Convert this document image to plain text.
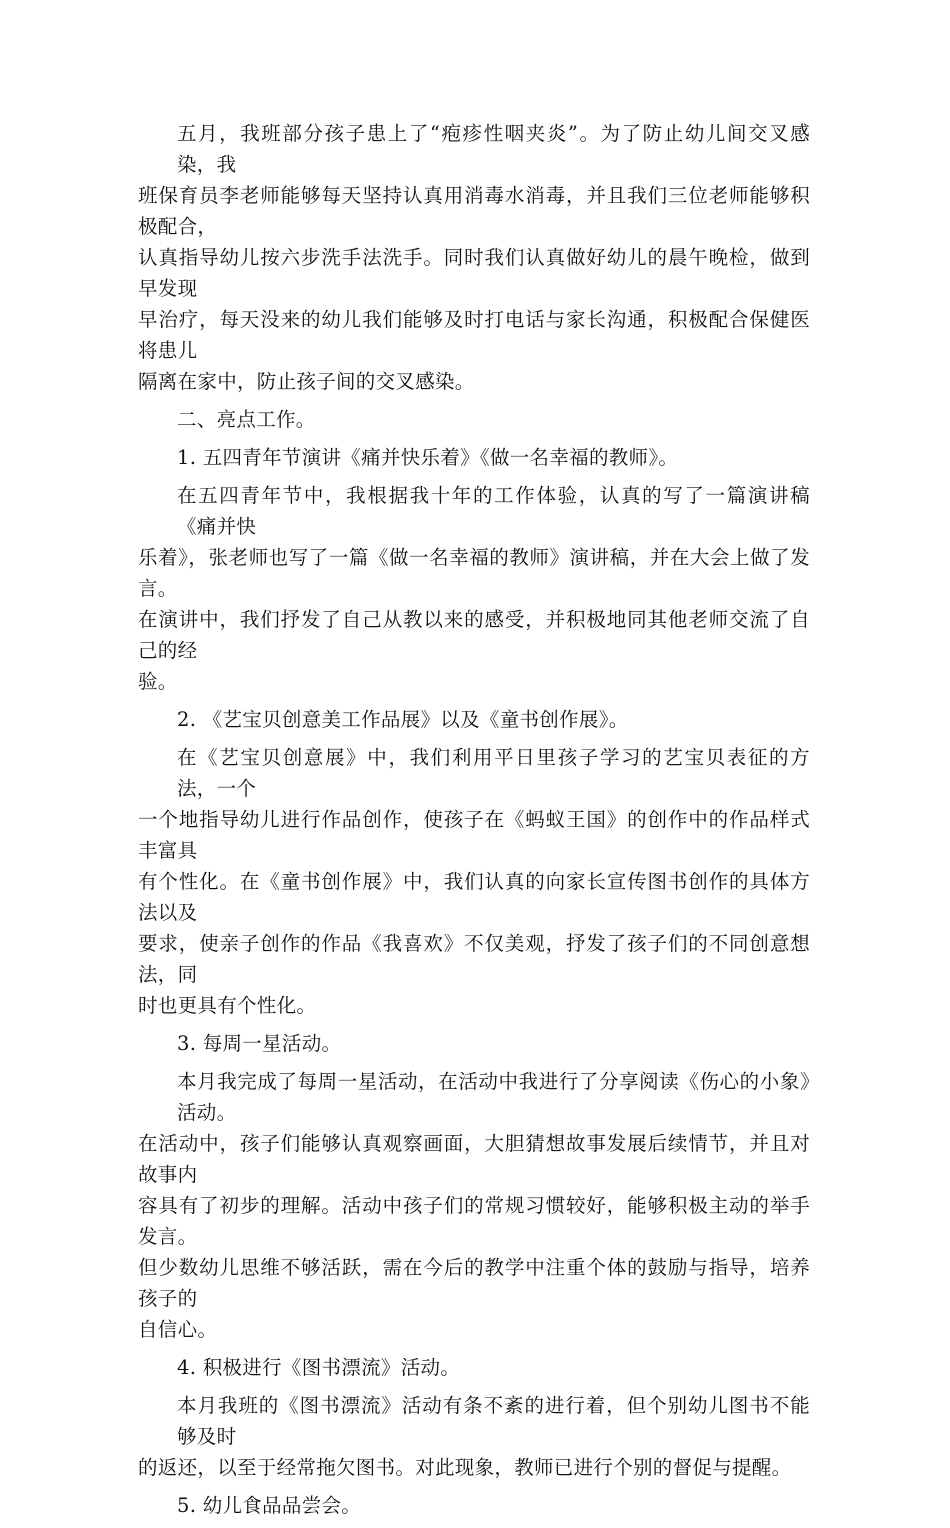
五月，我班部分孩子患上了“疱疹性咽夹炎”。为了防止幼儿间交叉感染，我
班保育员李老师能够每天坚持认真用消毒水消毒，并且我们三位老师能够积极配合，
认真指导幼儿按六步洗手法洗手。同时我们认真做好幼儿的晨午晚检，做到早发现
早治疗，每天没来的幼儿我们能够及时打电话与家长沟通，积极配合保健医将患儿
隔离在家中，防止孩子间的交叉感染。
二、亮点工作。
1. 五四青年节演讲《痛并快乐着》《做一名幸福的教师》。
在五四青年节中，我根据我十年的工作体验，认真的写了一篇演讲稿《痛并快
乐着》，张老师也写了一篇《做一名幸福的教师》演讲稿，并在大会上做了发言。
在演讲中，我们抒发了自己从教以来的感受，并积极地同其他老师交流了自己的经
验。
2. 《艺宝贝创意美工作品展》以及《童书创作展》。
在《艺宝贝创意展》中，我们利用平日里孩子学习的艺宝贝表征的方法，一个
一个地指导幼儿进行作品创作，使孩子在《蚂蚁王国》的创作中的作品样式丰富具
有个性化。在《童书创作展》中，我们认真的向家长宣传图书创作的具体方法以及
要求，使亲子创作的作品《我喜欢》不仅美观，抒发了孩子们的不同创意想法，同
时也更具有个性化。
3. 每周一星活动。
本月我完成了每周一星活动，在活动中我进行了分享阅读《伤心的小象》活动。
在活动中，孩子们能够认真观察画面，大胆猜想故事发展后续情节，并且对故事内
容具有了初步的理解。活动中孩子们的常规习惯较好，能够积极主动的举手发言。
但少数幼儿思维不够活跃，需在今后的教学中注重个体的鼓励与指导，培养孩子的
自信心。
4. 积极进行《图书漂流》活动。
本月我班的《图书漂流》活动有条不紊的进行着，但个别幼儿图书不能够及时
的返还，以至于经常拖欠图书。对此现象，教师已进行个别的督促与提醒。
5. 幼儿食品品尝会。
